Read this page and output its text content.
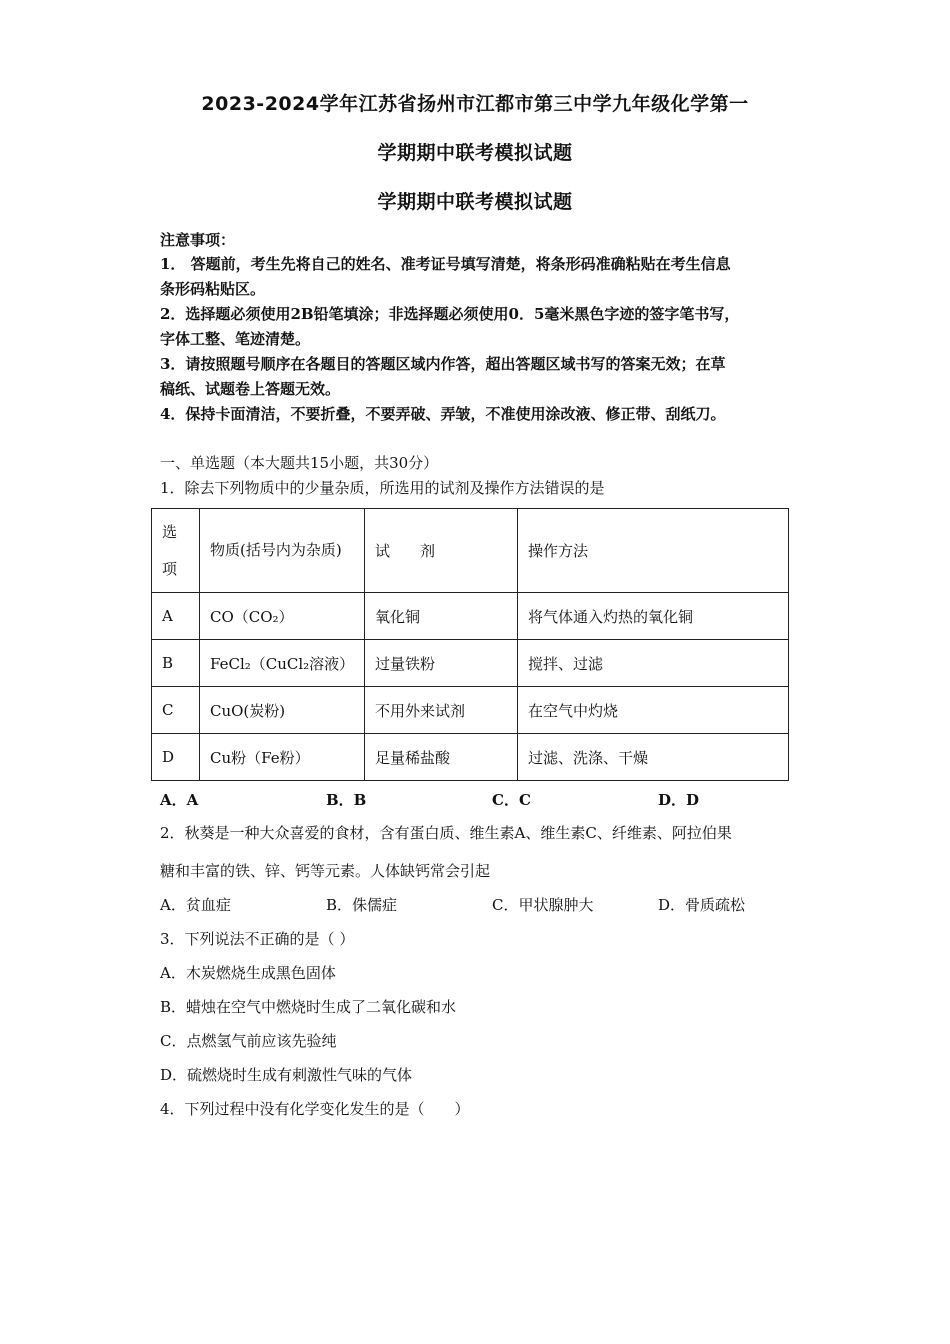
2023-2024学年江苏省扬州市江都市第三中学九年级化学第一
学期期中联考模拟试题
学期期中联考模拟试题
注意事项：
1． 答题前，考生先将自己的姓名、准考证号填写清楚，将条形码准确粘贴在考生信息
条形码粘贴区。
2．选择题必须使用2B铅笔填涂；非选择题必须使用0．5毫米黑色字迹的签字笔书写，
字体工整、笔迹清楚。
3．请按照题号顺序在各题目的答题区域内作答，超出答题区域书写的答案无效；在草
稿纸、试题卷上答题无效。
4．保持卡面清洁，不要折叠，不要弄破、弄皱，不准使用涂改液、修正带、刮纸刀。
一、单选题（本大题共15小题，共30分）
1．除去下列物质中的少量杂质，所选用的试剂及操作方法错误的是
选项	物质(括号内为杂质)	试　　剂	操作方法
A	CO（CO₂）	氧化铜	将气体通入灼热的氧化铜
B	FeCl₂（CuCl₂溶液）	过量铁粉	搅拌、过滤
C	CuO(炭粉)	不用外来试剂	在空气中灼烧
D	Cu粉（Fe粉）	足量稀盐酸	过滤、洗涤、干燥
A．A	B．B	C．C	D．D
2．秋葵是一种大众喜爱的食材，含有蛋白质、维生素A、维生素C、纤维素、阿拉伯果
糖和丰富的铁、锌、钙等元素。人体缺钙常会引起
A．贫血症	B．侏儒症	C．甲状腺肿大	D．骨质疏松
3．下列说法不正确的是（ ）
A．木炭燃烧生成黑色固体
B．蜡烛在空气中燃烧时生成了二氧化碳和水
C．点燃氢气前应该先验纯
D．硫燃烧时生成有刺激性气味的气体
4．下列过程中没有化学变化发生的是（　　）
